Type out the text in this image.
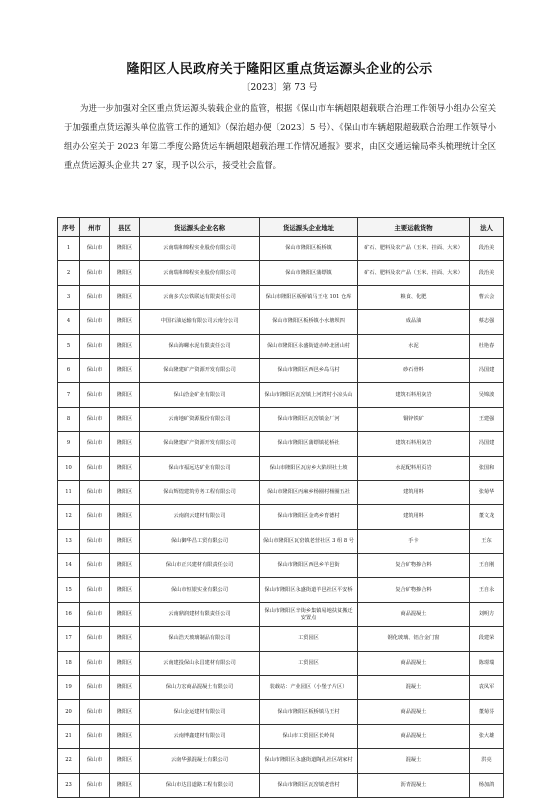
隆阳区人民政府关于隆阳区重点货运源头企业的公示
〔2023〕第 73 号

为进一步加强对全区重点货运源头装载企业的监管，根据《保山市车辆超限超载联合治理工作领导小组办公室关于加强重点货运源头单位监管工作的通知》（保治超办便〔2023〕5 号）、《保山市车辆超限超载联合治理工作领导小组办公室关于 2023 年第二季度公路货运车辆超限超载治理工作情况通报》要求，由区交通运输局牵头梳理统计全区重点货运源头企业共 27 家，现予以公示，接受社会监督。

序号	州市	县区	货运源头企业名称	货运源头企业地址	主要运载货物	法人
1	保山市	隆阳区	云南瑞和锦程实业股份有限公司	保山市隆阳区板桥镇	矿石、肥料及农产品（玉米、挂面、大米）	段治美
2	保山市	隆阳区	云南瑞和锦程实业股份有限公司	保山市隆阳区蒲缥镇	矿石、肥料及农产品（玉米、挂面、大米）	段治美
3	保山市	隆阳区	云南多式公铁联运有限责任公司	保山市隆阳区板桥镇马王屯 101 仓库	粮食、化肥	曹云会
4	保山市	隆阳区	中国石油运输有限公司云南分公司	保山市隆阳区板桥镇小水塘坝四	成品油	蔡志强
5	保山市	隆阳区	保山海螺水泥有限责任公司	保山市隆阳区永盛街道赤岭北团山村	水泥	杜艳春
6	保山市	隆阳区	保山隆建矿产资源开发有限公司	保山市隆阳区西邑乡岛马村	砂石骨料	冯国建
7	保山市	隆阳区	保山洽金矿业有限公司	保山市隆阳区瓦窑镇上河湾村小凉头山	建筑石料用灰岩	吴锦波
8	保山市	隆阳区	云南地矿资源股份有限公司	保山市隆阳区瓦窑镇金厂河	铜锌铁矿	王建强
9	保山市	隆阳区	保山隆建矿产资源开发有限公司	保山市隆阳区蒲缥镇花桥社	建筑石料用灰岩	冯国建
10	保山市	隆阳区	保山市福远达矿业有限公司	保山市隆阳区瓦房乡大陷坝社土坡	水泥配料用页岩	张国和
11	保山市	隆阳区	保山辉煌建筑劳务工程有限公司	保山市隆阳区丙麻乡杨圈村杨圈五社	建筑用料	张菊华
12	保山市	隆阳区	云南润云建材有限公司	保山市隆阳区金鸡乡育德村	建筑用料	董文龙
13	保山市	隆阳区	保山御华昌工贸有限公司	保山市隆阳区瓦窑镇老营社区 3 组 8 号	手卡	王东
14	保山市	隆阳区	保山市正兴建材有限责任公司	保山市隆阳区西邑乡羊邑街	复合矿物掺合料	王自刚
15	保山市	隆阳区	保山市恒银实业有限公司	保山市隆阳区永盛街道羊邑社区平安桥	复合矿物掺合料	王自永
16	保山市	隆阳区	云南鼎润建材有限责任公司	保山市隆阳区辛街乡集镇易地扶贫搬迁安置点	商品混凝土	刘明方
17	保山市	隆阳区	保山浩天玻璃制品有限公司	工贸园区	钢化玻璃、铝合金门窗	段建荣
18	保山市	隆阳区	云南建投保山永昌建材有限公司	工贸园区	商品混凝土	陈璟瑞
19	保山市	隆阳区	保山力宏商品混凝土有限公司	装载站：产业园区（小堡子片区）	混凝土	袁凤军
20	保山市	隆阳区	保山金运建材有限公司	保山市隆阳区板桥镇马王村	商品混凝土	董菊芬
21	保山市	隆阳区	云南博鑫建材有限公司	保山市工贸园区长岭岗	商品混凝土	张大雄
22	保山市	隆阳区	云南华强混凝土有限公司	保山市隆阳区永盛街道陶孔社区胡家村	混凝土	洪亮
23	保山市	隆阳区	保山市达昌道路工程有限公司	保山市隆阳区瓦窑镇老营村	沥青混凝土	杨加鸽
